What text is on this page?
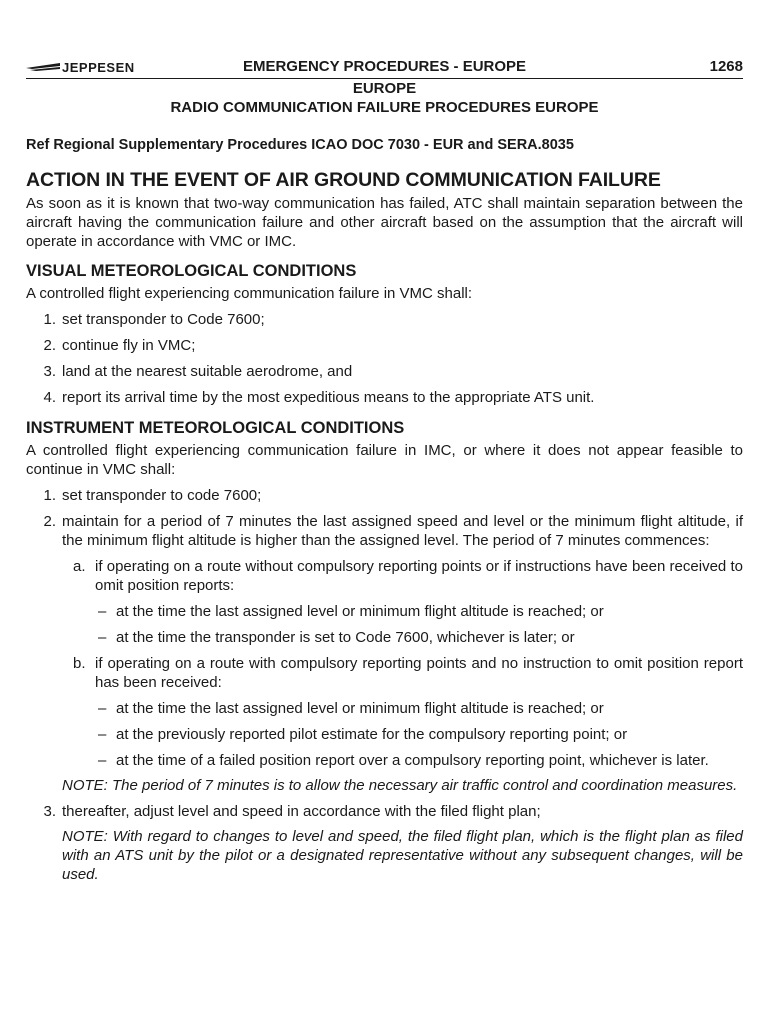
JEPPESEN	EMERGENCY PROCEDURES - EUROPE	1268
EUROPE
RADIO COMMUNICATION FAILURE PROCEDURES EUROPE
Ref Regional Supplementary Procedures ICAO DOC 7030 - EUR and SERA.8035
ACTION IN THE EVENT OF AIR GROUND COMMUNICATION FAILURE

As soon as it is known that two-way communication has failed, ATC shall maintain separation between the aircraft having the communication failure and other aircraft based on the assumption that the aircraft will operate in accordance with VMC or IMC.

VISUAL METEOROLOGICAL CONDITIONS

A controlled flight experiencing communication failure in VMC shall:

1. set transponder to Code 7600;
2. continue fly in VMC;
3. land at the nearest suitable aerodrome, and
4. report its arrival time by the most expeditious means to the appropriate ATS unit.
INSTRUMENT METEOROLOGICAL CONDITIONS

A controlled flight experiencing communication failure in IMC, or where it does not appear feasible to continue in VMC shall:

1. set transponder to code 7600;
2. maintain for a period of 7 minutes the last assigned speed and level or the minimum flight altitude, if the minimum flight altitude is higher than the assigned level. The period of 7 minutes commences:
a. if operating on a route without compulsory reporting points or if instructions have been received to omit position reports:
– at the time the last assigned level or minimum flight altitude is reached; or
– at the time the transponder is set to Code 7600, whichever is later; or
b. if operating on a route with compulsory reporting points and no instruction to omit position report has been received:
– at the time the last assigned level or minimum flight altitude is reached; or
– at the previously reported pilot estimate for the compulsory reporting point; or
– at the time of a failed position report over a compulsory reporting point, whichever is later.
NOTE: The period of 7 minutes is to allow the necessary air traffic control and coordination measures.
3. thereafter, adjust level and speed in accordance with the filed flight plan;
NOTE: With regard to changes to level and speed, the filed flight plan, which is the flight plan as filed with an ATS unit by the pilot or a designated representative without any subsequent changes, will be used.
